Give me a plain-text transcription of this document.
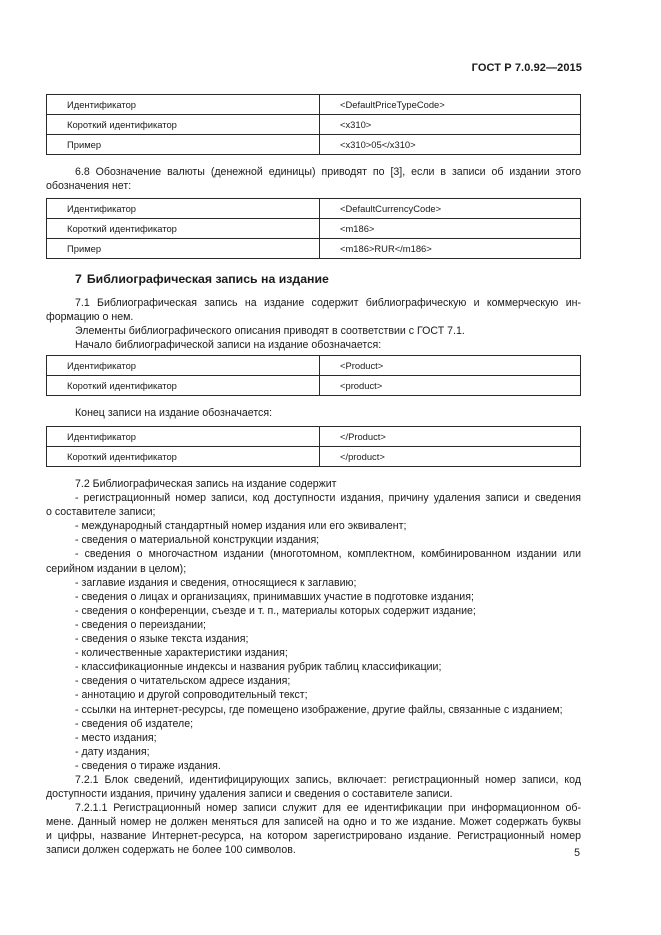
ГОСТ Р 7.0.92—2015
Идентификатор	<DefaultPriceTypeCode>
Короткий идентификатор	<x310>
Пример	<x310>05</x310>

6.8 Обозначение валюты (денежной единицы) приводят по [3], если в записи об издании этого

обозначения нет:

Идентификатор	<DefaultCurrencyCode>
Короткий идентификатор	<m186>
Пример	<m186>RUR</m186>
7 Библиографическая запись на издание

7.1 Библиографическая запись на издание содержит библиографическую и коммерческую ин-

формацию о нем.

Элементы библиографического описания приводят в соответствии с ГОСТ 7.1.

Начало библиографической записи на издание обозначается:

Идентификатор	<Product>
Короткий идентификатор	<product>

Конец записи на издание обозначается:

Идентификатор	</Product>
Короткий идентификатор	</product>

7.2 Библиографическая запись на издание содержит

- регистрационный номер записи, код доступности издания, причину удаления записи и сведения

о составителе записи;

- международный стандартный номер издания или его эквивалент;

- сведения о материальной конструкции издания;

- сведения о многочастном издании (многотомном, комплектном, комбинированном издании или

серийном издании в целом);

- заглавие издания и сведения, относящиеся к заглавию;

- сведения о лицах и организациях, принимавших участие в подготовке издания;

- сведения о конференции, съезде и т. п., материалы которых содержит издание;

- сведения о переиздании;

- сведения о языке текста издания;

- количественные характеристики издания;

- классификационные индексы и названия рубрик таблиц классификации;

- сведения о читательском адресе издания;

- аннотацию и другой сопроводительный текст;

- ссылки на интернет-ресурсы, где помещено изображение, другие файлы, связанные с изданием;

- сведения об издателе;

- место издания;

- дату издания;

- сведения о тираже издания.

7.2.1 Блок сведений, идентифицирующих запись, включает: регистрационный номер записи, код

доступности издания, причину удаления записи и сведения о составителе записи.

7.2.1.1 Регистрационный номер записи служит для ее идентификации при информационном об-

мене. Данный номер не должен меняться для записей на одно и то же издание. Может содержать буквы

и цифры, название Интернет-ресурса, на котором зарегистрировано издание. Регистрационный номер

записи должен содержать не более 100 символов.	5
